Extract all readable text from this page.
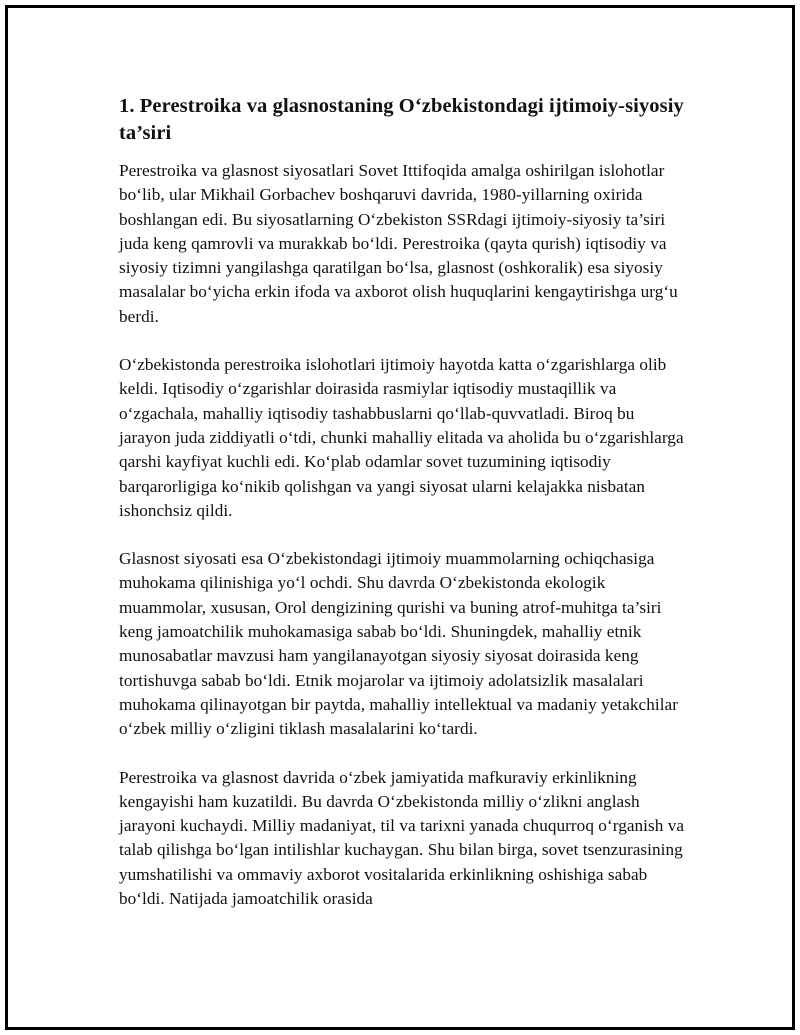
1. Perestroika va glasnostaning O‘zbekistondagi ijtimoiy-siyosiy ta’siri

Perestroika va glasnost siyosatlari Sovet Ittifoqida amalga oshirilgan islohotlar bo‘lib, ular Mikhail Gorbachev boshqaruvi davrida, 1980-yillarning oxirida boshlangan edi. Bu siyosatlarning O‘zbekiston SSRdagi ijtimoiy-siyosiy ta’siri juda keng qamrovli va murakkab bo‘ldi. Perestroika (qayta qurish) iqtisodiy va siyosiy tizimni yangilashga qaratilgan bo‘lsa, glasnost (oshkoralik) esa siyosiy masalalar bo‘yicha erkin ifoda va axborot olish huquqlarini kengaytirishga urg‘u berdi.

O‘zbekistonda perestroika islohotlari ijtimoiy hayotda katta o‘zgarishlarga olib keldi. Iqtisodiy o‘zgarishlar doirasida rasmiylar iqtisodiy mustaqillik va o‘zgachala, mahalliy iqtisodiy tashabbuslarni qo‘llab-quvvatladi. Biroq bu jarayon juda ziddiyatli o‘tdi, chunki mahalliy elitada va aholida bu o‘zgarishlarga qarshi kayfiyat kuchli edi. Ko‘plab odamlar sovet tuzumining iqtisodiy barqarorligiga ko‘nikib qolishgan va yangi siyosat ularni kelajakka nisbatan ishonchsiz qildi.

Glasnost siyosati esa O‘zbekistondagi ijtimoiy muammolarning ochiqchasiga muhokama qilinishiga yo‘l ochdi. Shu davrda O‘zbekistonda ekologik muammolar, xususan, Orol dengizining qurishi va buning atrof-muhitga ta’siri keng jamoatchilik muhokamasiga sabab bo‘ldi. Shuningdek, mahalliy etnik munosabatlar mavzusi ham yangilanayotgan siyosiy siyosat doirasida keng tortishuvga sabab bo‘ldi. Etnik mojarolar va ijtimoiy adolatsizlik masalalari muhokama qilinayotgan bir paytda, mahalliy intellektual va madaniy yetakchilar o‘zbek milliy o‘zligini tiklash masalalarini ko‘tardi.

Perestroika va glasnost davrida o‘zbek jamiyatida mafkuraviy erkinlikning kengayishi ham kuzatildi. Bu davrda O‘zbekistonda milliy o‘zlikni anglash jarayoni kuchaydi. Milliy madaniyat, til va tarixni yanada chuqurroq o‘rganish va talab qilishga bo‘lgan intilishlar kuchaygan. Shu bilan birga, sovet tsenzurasining yumshatilishi va ommaviy axborot vositalarida erkinlikning oshishiga sabab bo‘ldi. Natijada jamoatchilik orasida
